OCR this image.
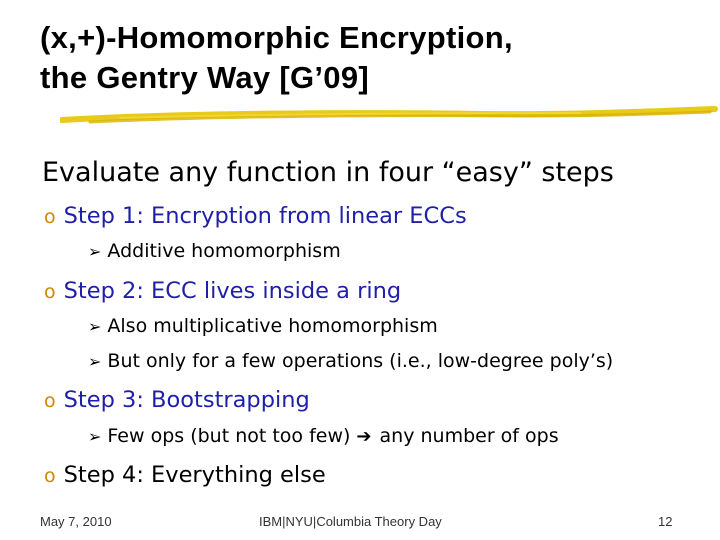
(x,+)-Homomorphic Encryption,
the Gentry Way [G’09]
Evaluate any function in four “easy” steps
o Step 1: Encryption from linear ECCs
➢ Additive homomorphism
o Step 2: ECC lives inside a ring
➢ Also multiplicative homomorphism
➢ But only for a few operations (i.e., low-degree poly’s)
o Step 3: Bootstrapping
➢ Few ops (but not too few) ➔ any number of ops
o Step 4: Everything else
May 7, 2010	IBM|NYU|Columbia Theory Day	12
